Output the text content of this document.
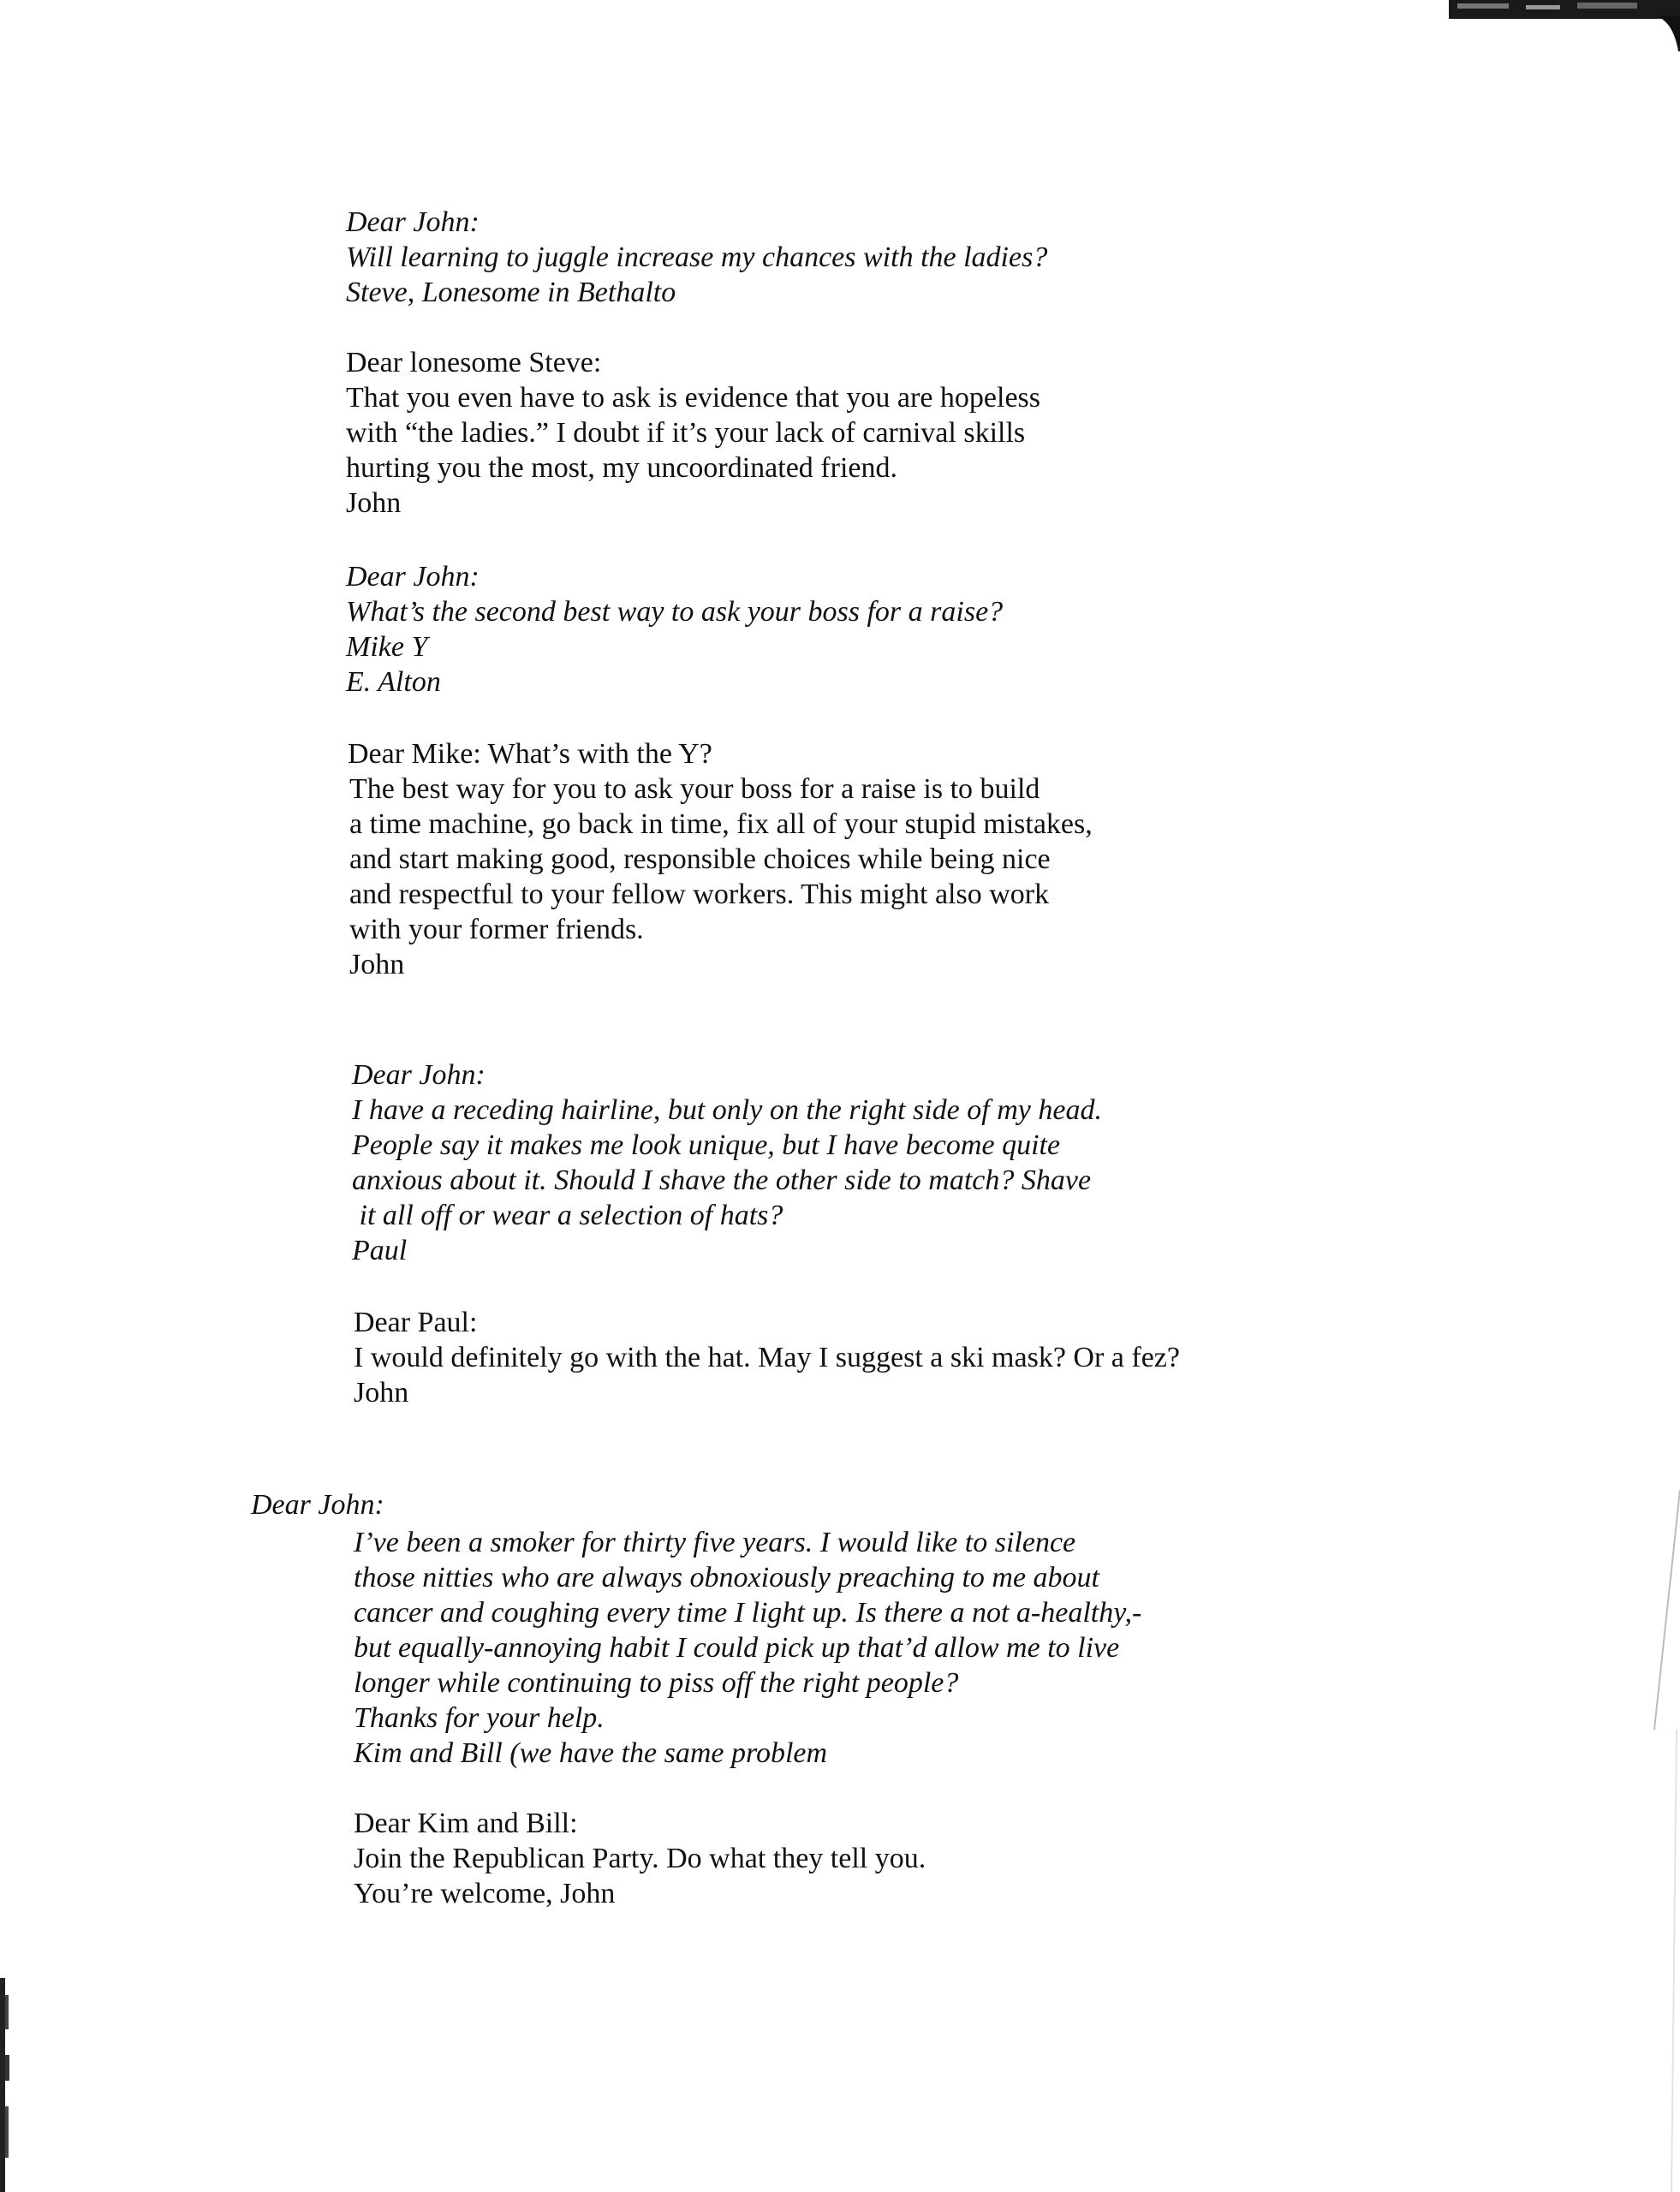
Dear John:
Will learning to juggle increase my chances with the ladies?
Steve, Lonesome in Bethalto
Dear lonesome Steve:
That you even have to ask is evidence that you are hopeless
with “the ladies.” I doubt if it’s your lack of carnival skills
hurting you the most, my uncoordinated friend.
John
Dear John:
What’s the second best way to ask your boss for a raise?
Mike Y
E. Alton
Dear Mike: What’s with the Y?
The best way for you to ask your boss for a raise is to build
a time machine, go back in time, fix all of your stupid mistakes,
and start making good, responsible choices while being nice
and respectful to your fellow workers. This might also work
with your former friends.
John
Dear John:
I have a receding hairline, but only on the right side of my head.
People say it makes me look unique, but I have become quite
anxious about it. Should I shave the other side to match? Shave
it all off or wear a selection of hats?
Paul
Dear Paul:
I would definitely go with the hat. May I suggest a ski mask? Or a fez?
John
Dear John:
I’ve been a smoker for thirty five years. I would like to silence
those nitties who are always obnoxiously preaching to me about
cancer and coughing every time I light up. Is there a not a-healthy,-
but equally-annoying habit I could pick up that’d allow me to live
longer while continuing to piss off the right people?
Thanks for your help.
Kim and Bill (we have the same problem
Dear Kim and Bill:
Join the Republican Party. Do what they tell you.
You’re welcome, John
